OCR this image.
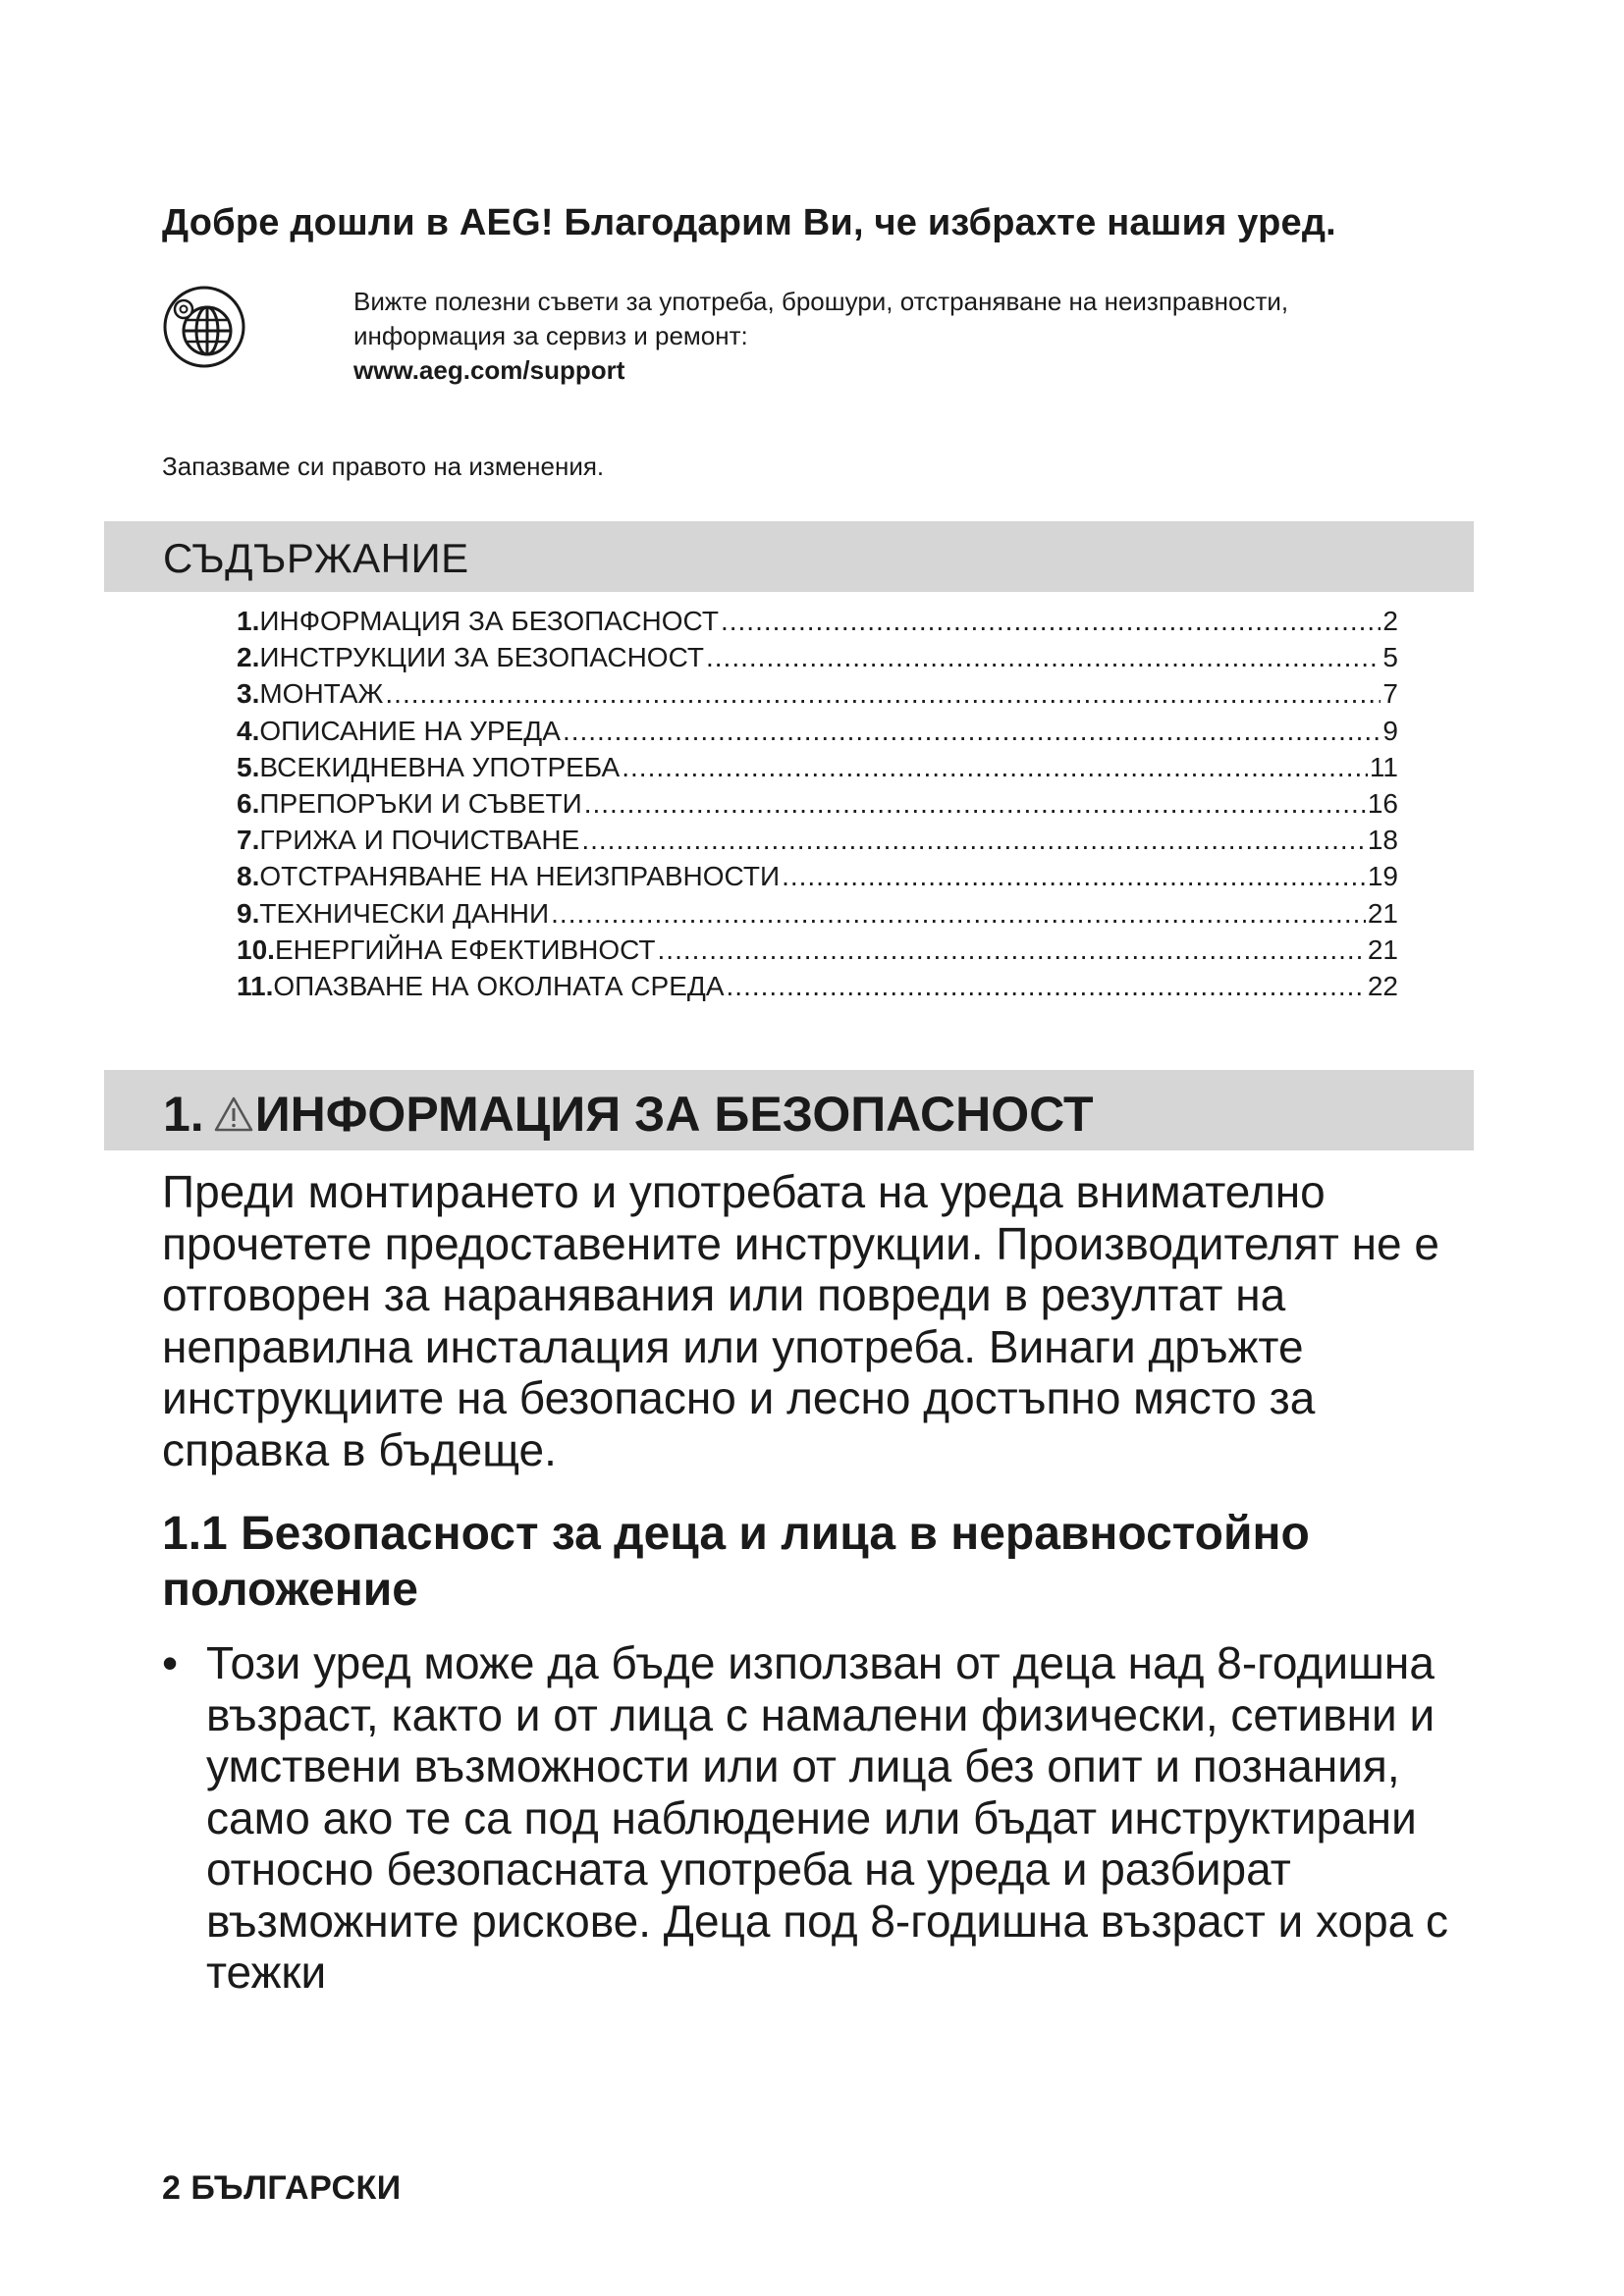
Добре дошли в AEG! Благодарим Ви, че избрахте нашия уред.
Вижте полезни съвети за употреба, брошури, отстраняване на неизправности,
информация за сервиз и ремонт:
www.aeg.com/support
Запазваме си правото на изменения.
СЪДЪРЖАНИЕ
1. ИНФОРМАЦИЯ ЗА БЕЗОПАСНОСТ .....	2
2. ИНСТРУКЦИИ ЗА БЕЗОПАСНОСТ .....	5
3. МОНТАЖ .....	7
4. ОПИСАНИЕ НА УРЕДА .....	9
5. ВСЕКИДНЕВНА УПОТРЕБА .....	11
6. ПРЕПОРЪКИ И СЪВЕТИ .....	16
7. ГРИЖА И ПОЧИСТВАНЕ .....	18
8. ОТСТРАНЯВАНЕ НА НЕИЗПРАВНОСТИ .....	19
9. ТЕХНИЧЕСКИ ДАННИ .....	21
10. ЕНЕРГИЙНА ЕФЕКТИВНОСТ .....	21
11. ОПАЗВАНЕ НА ОКОЛНАТА СРЕДА .....	22
1. ИНФОРМАЦИЯ ЗА БЕЗОПАСНОСТ
Преди монтирането и употребата на уреда внимателно прочетете предоставените инструкции. Производителят не е отговорен за наранявания или повреди в резултат на неправилна инсталация или употреба. Винаги дръжте инструкциите на безопасно и лесно достъпно място за справка в бъдеще.
1.1 Безопасност за деца и лица в неравностойно положение
• Този уред може да бъде използван от деца над 8-годишна възраст, както и от лица с намалени физически, сетивни и умствени възможности или от лица без опит и познания, само ако те са под наблюдение или бъдат инструктирани относно безопасната употреба на уреда и разбират възможните рискове. Деца под 8-годишна възраст и хора с тежки
2 БЪЛГАРСКИ
